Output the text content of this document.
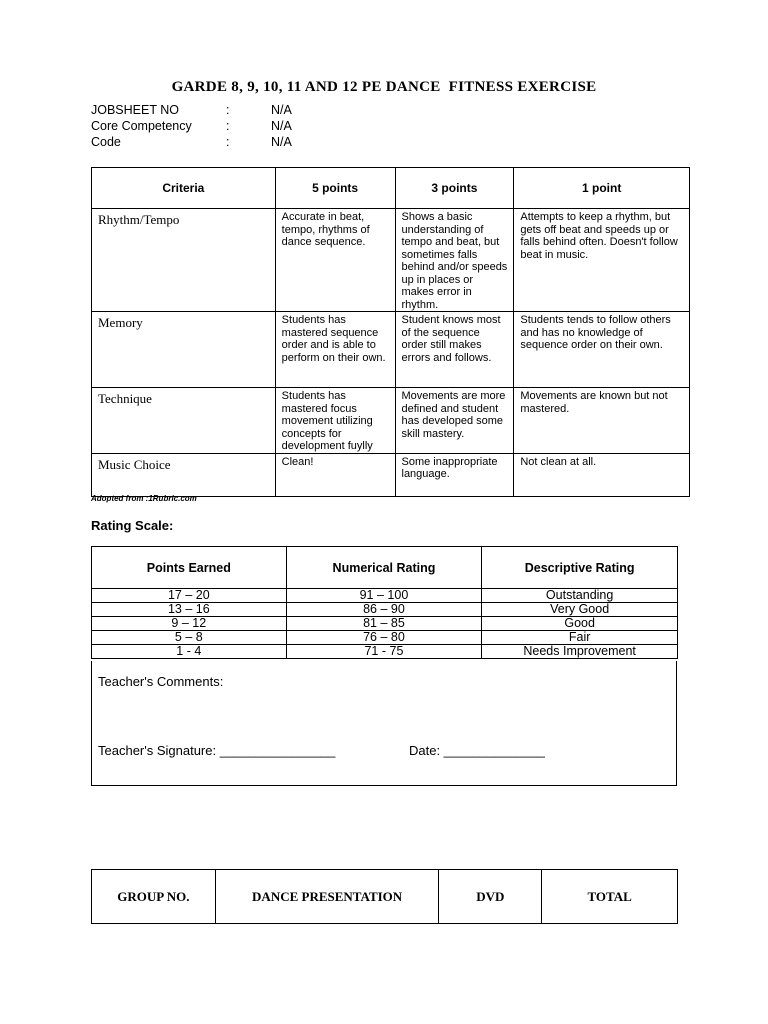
GARDE 8, 9, 10, 11 AND 12 PE DANCE  FITNESS EXERCISE
JOBSHEET NO	:	N/A
Core Competency	:	N/A
Code	:	N/A
Criteria	5 points	3 points	1 point
Rhythm/Tempo	Accurate in beat, tempo, rhythms of dance sequence.	Shows a basic understanding of tempo and beat, but sometimes falls behind and/or speeds up in places or makes error in rhythm.	Attempts to keep a rhythm, but gets off beat and speeds up or falls behind often. Doesn't follow beat in music.
Memory	Students has mastered sequence order and is able to perform on their own.	Student knows most of the sequence order still makes errors and follows.	Students tends to follow others and has no knowledge of sequence order on their own.
Technique	Students has mastered focus movement utilizing concepts for development fuylly	Movements are more defined and student has developed some skill mastery.	Movements are known but not mastered.
Music Choice	Clean!	Some inappropriate language.	Not clean at all.
Adopted from :1Rubric.com
Rating Scale:
Points Earned	Numerical Rating	Descriptive Rating
17 – 20	91 – 100	Outstanding
13 – 16	86 – 90	Very Good
9 – 12	81 – 85	Good
5 – 8	76 – 80	Fair
1 - 4	71 - 75	Needs Improvement
Teacher's Comments:
Teacher's Signature: ________________	Date: ______________
GROUP NO.	DANCE PRESENTATION	DVD	TOTAL
